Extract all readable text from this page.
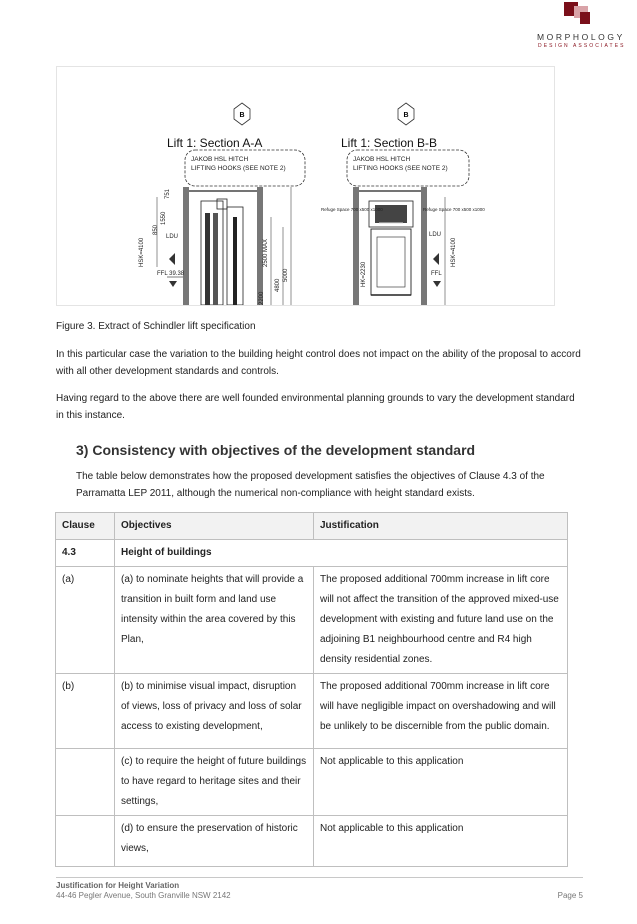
MORPHOLOGY
DESIGN ASSOCIATES
B	B
Lift 1: Section A-A	Lift 1: Section B-B
JAKOB HSL HITCH
LIFTING HOOKS (SEE NOTE 2)
JAKOB HSL HITCH
LIFTING HOOKS (SEE NOTE 2)
HSK=4100
751
1550
850
LDU
FFL 39.38
2500 MAX
4800
5000
2200
Refuge Space 700 x500 x1000	Refuge Space 700 x500 x1000
HK=2230
LDU
FFL
HSK=4100
Figure 3. Extract of Schindler lift specification

In this particular case the variation to the building height control does not impact on the ability of the proposal to accord with all other development standards and controls.

Having regard to the above there are well founded environmental planning grounds to vary the development standard in this instance.

3) Consistency with objectives of the development standard

The table below demonstrates how the proposed development satisfies the objectives of Clause 4.3 of the Parramatta LEP 2011, although the numerical non-compliance with height standard exists.

Clause	Objectives	Justification
4.3	Height of buildings	
(a)	(a) to nominate heights that will provide a transition in built form and land use intensity within the area covered by this Plan,	The proposed additional 700mm increase in lift core will not affect the transition of the approved mixed-use development with existing and future land use on the adjoining B1 neighbourhood centre and R4 high density residential zones.
(b)	(b) to minimise visual impact, disruption of views, loss of privacy and loss of solar access to existing development,	The proposed additional 700mm increase in lift core will have negligible impact on overshadowing and will be unlikely to be discernible from the public domain.
	(c) to require the height of future buildings to have regard to heritage sites and their settings,	Not applicable to this application
	(d) to ensure the preservation of historic views,	Not applicable to this application
Justification for Height Variation
44-46 Pegler Avenue, South Granville NSW 2142	Page 5
